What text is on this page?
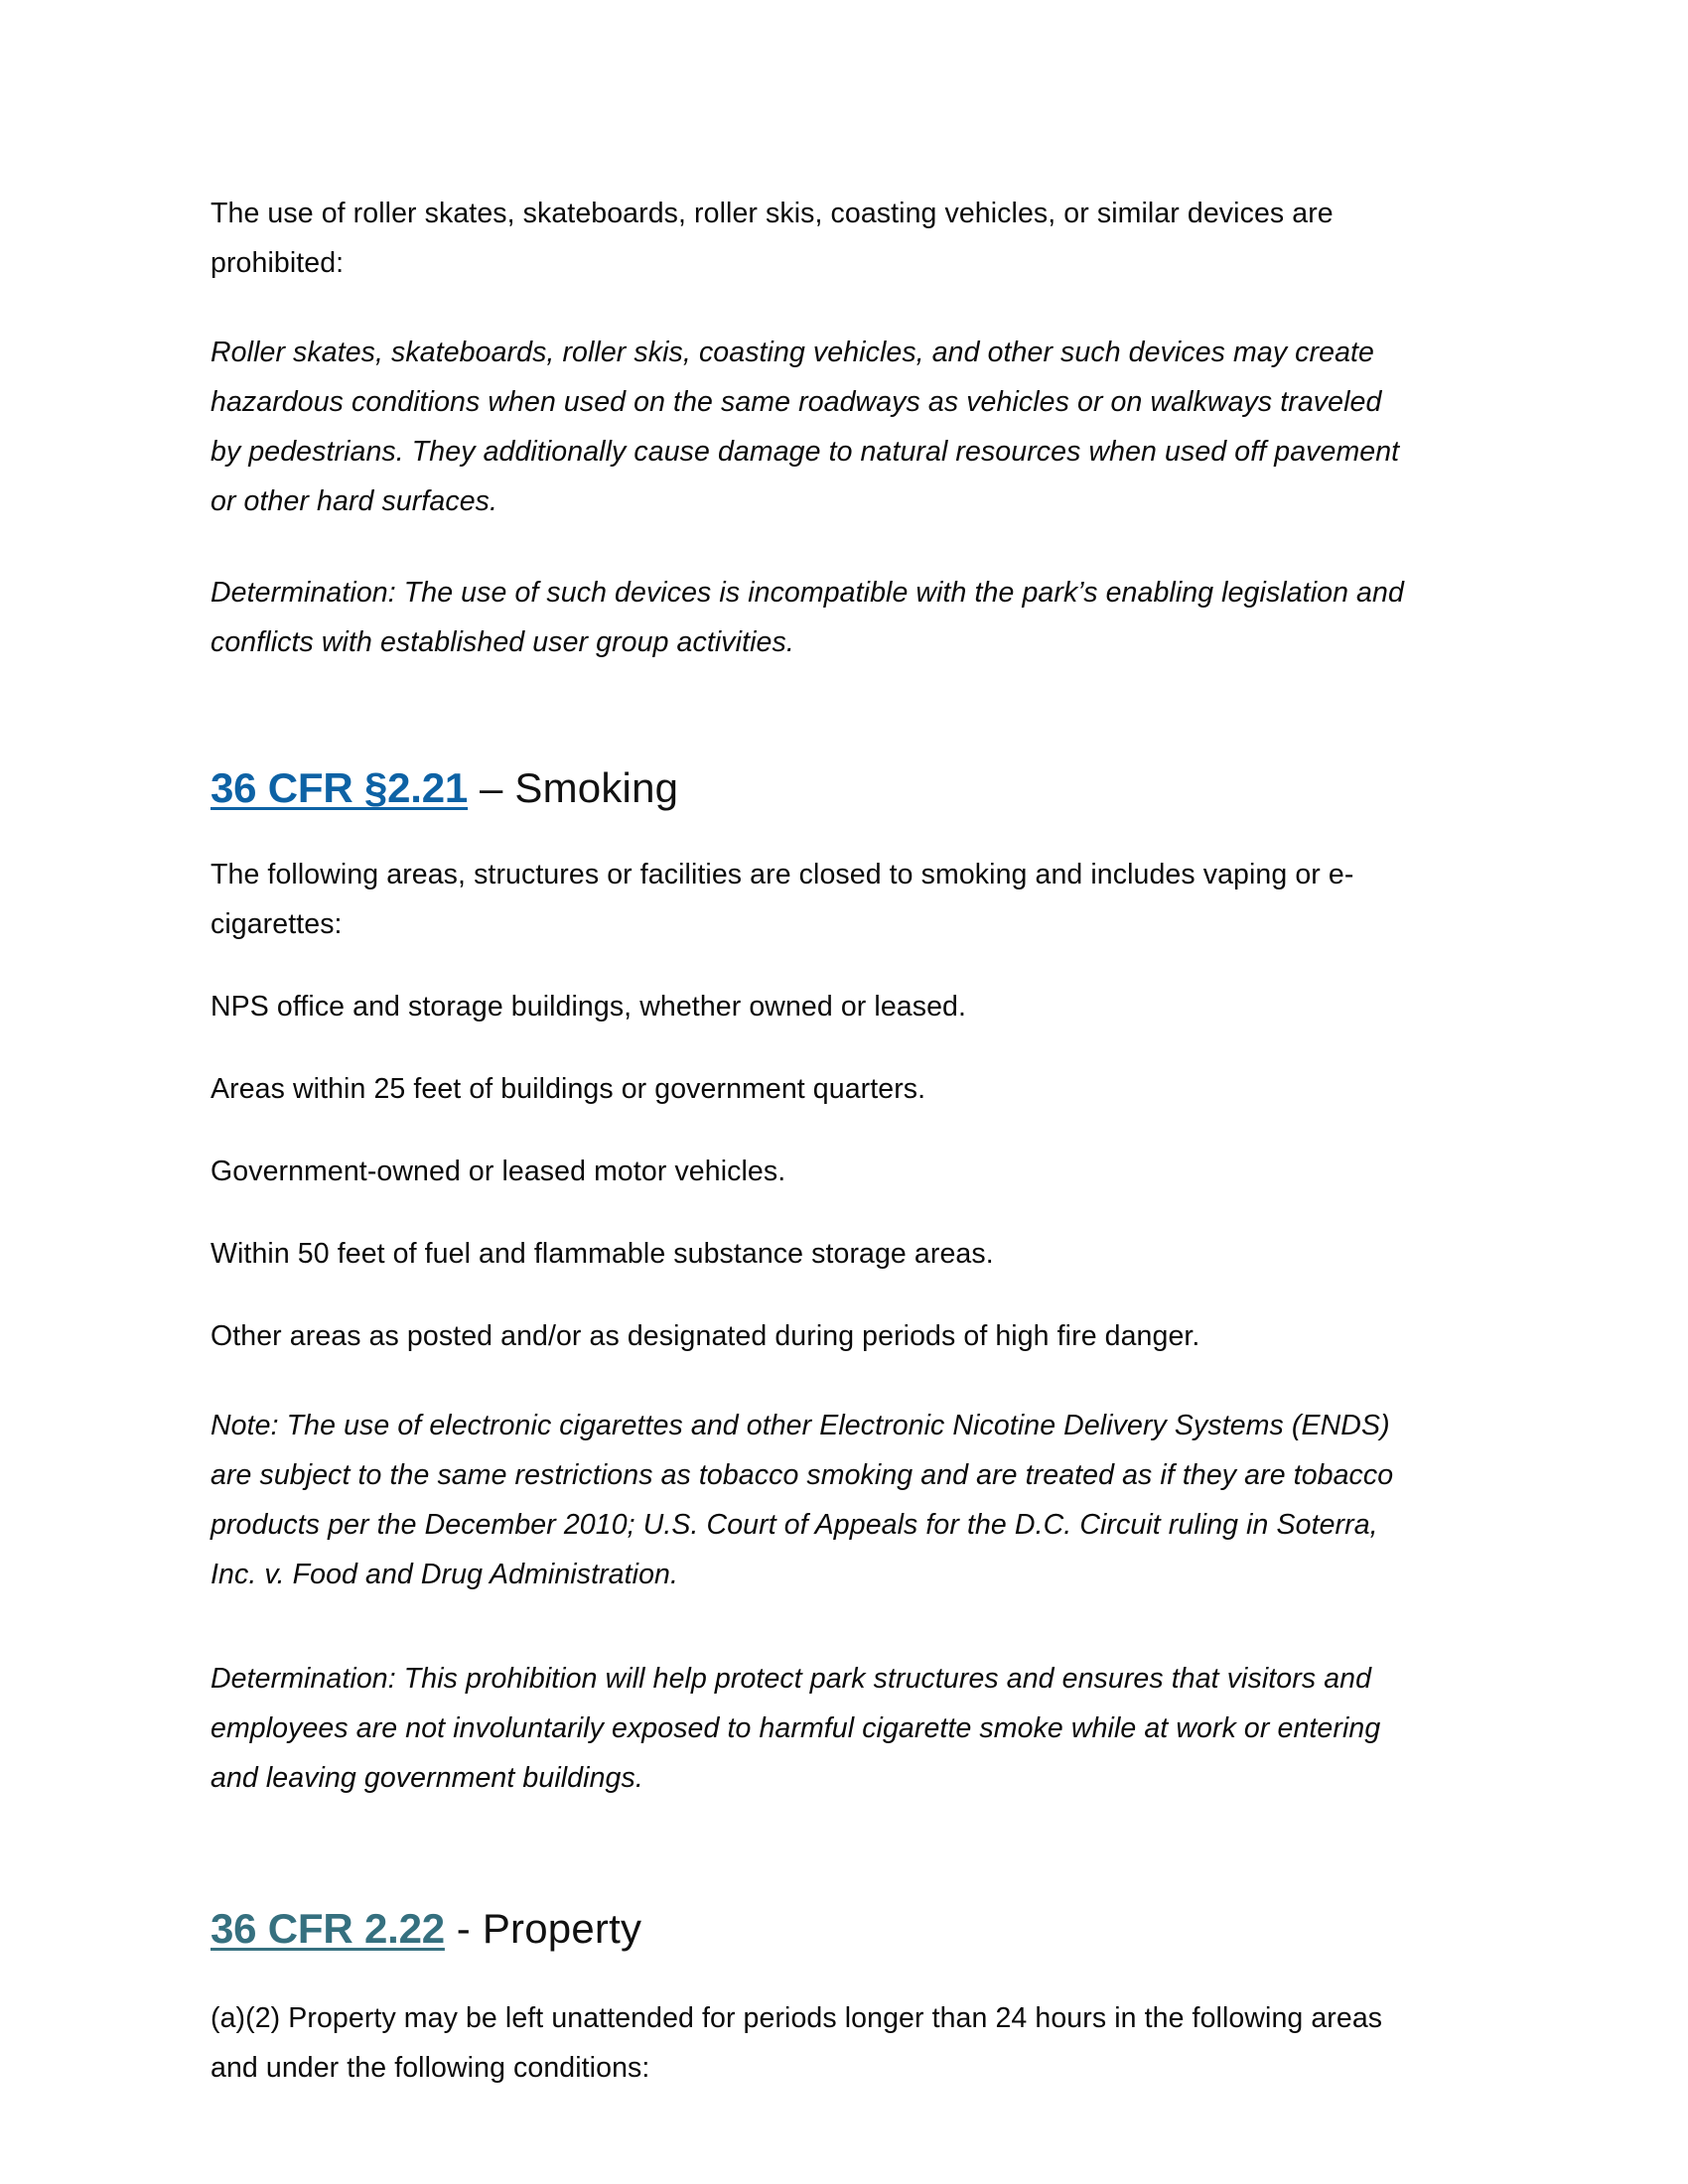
The use of roller skates, skateboards, roller skis, coasting vehicles, or similar devices are prohibited:

Roller skates, skateboards, roller skis, coasting vehicles, and other such devices may create hazardous conditions when used on the same roadways as vehicles or on walkways traveled by pedestrians. They additionally cause damage to natural resources when used off pavement or other hard surfaces.

Determination: The use of such devices is incompatible with the park’s enabling legislation and conflicts with established user group activities.

36 CFR §2.21 – Smoking

The following areas, structures or facilities are closed to smoking and includes vaping or e-cigarettes:

NPS office and storage buildings, whether owned or leased.

Areas within 25 feet of buildings or government quarters.

Government-owned or leased motor vehicles.

Within 50 feet of fuel and flammable substance storage areas.

Other areas as posted and/or as designated during periods of high fire danger.

Note: The use of electronic cigarettes and other Electronic Nicotine Delivery Systems (ENDS) are subject to the same restrictions as tobacco smoking and are treated as if they are tobacco products per the December 2010; U.S. Court of Appeals for the D.C. Circuit ruling in Soterra, Inc. v. Food and Drug Administration.

Determination: This prohibition will help protect park structures and ensures that visitors and employees are not involuntarily exposed to harmful cigarette smoke while at work or entering and leaving government buildings.

36 CFR 2.22 - Property

(a)(2) Property may be left unattended for periods longer than 24 hours in the following areas and under the following conditions:
